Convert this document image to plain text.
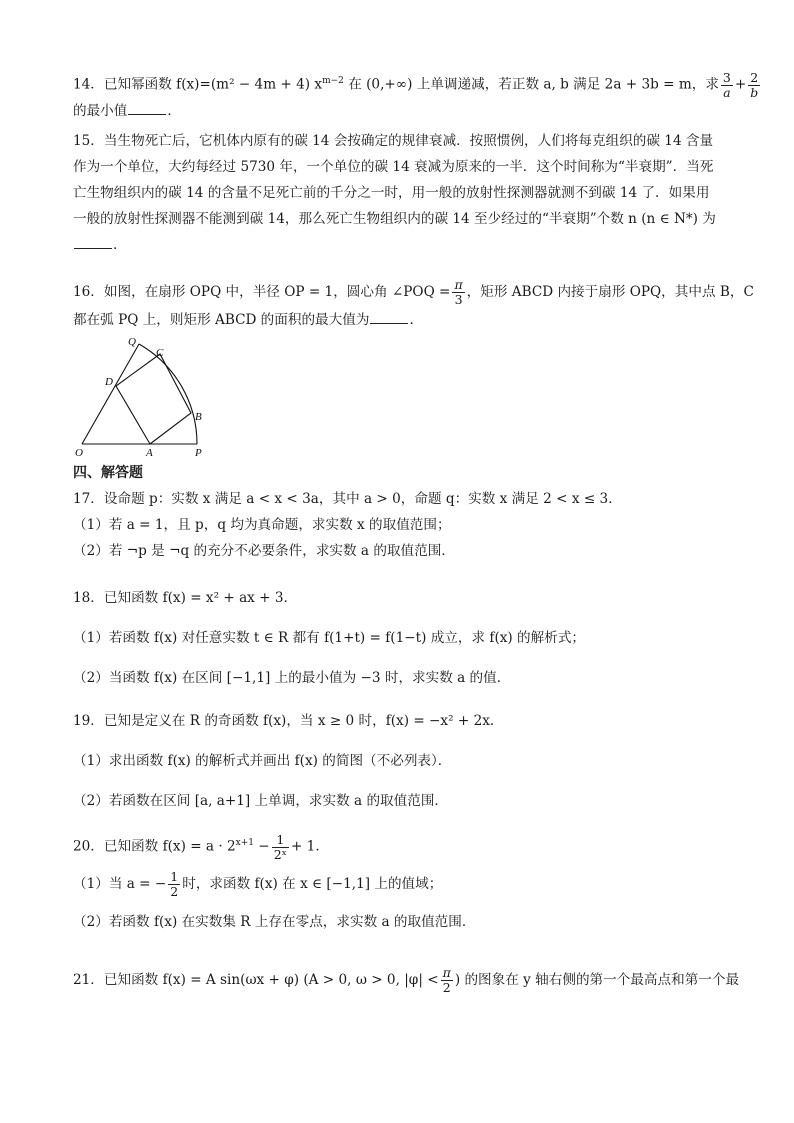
14．已知幂函数 f(x)=(m² − 4m + 4) $x^{m-2}$ 在 (0,+∞) 上单调递减，若正数 a, b 满足 2a + 3b = m，求 $\frac{3}{a} + \frac{2}{b}$
的最小值	．
15．当生物死亡后，它机体内原有的碳 14 会按确定的规律衰减．按照惯例，人们将每克组织的碳 14 含量
作为一个单位，大约每经过 5730 年，一个单位的碳 14 衰减为原来的一半．这个时间称为“半衰期”．当死
亡生物组织内的碳 14 的含量不足死亡前的千分之一时，用一般的放射性探测器就测不到碳 14 了．如果用
一般的放射性探测器不能测到碳 14，那么死亡生物组织内的碳 14 至少经过的“半衰期”个数 n (n ∈ N*) 为
．
16．如图，在扇形 OPQ 中，半径 OP = 1，圆心角 ∠POQ = $\frac{\pi}{3}$ ，矩形 ABCD 内接于扇形 OPQ，其中点 B，C
都在弧 PQ 上，则矩形 ABCD 的面积的最大值为	．
O	A	P
B
C
D
Q
四、解答题
17．设命题 p：实数 x 满足 a < x < 3a，其中 a > 0，命题 q：实数 x 满足 2 < x ≤ 3．
（1）若 a = 1，且 p，q 均为真命题，求实数 x 的取值范围；
（2）若 ¬p 是 ¬q 的充分不必要条件，求实数 a 的取值范围．
18．已知函数 f(x) = x² + ax + 3．
（1）若函数 f(x) 对任意实数 t ∈ R 都有 f(1+t) = f(1−t) 成立，求 f(x) 的解析式；
（2）当函数 f(x) 在区间 [−1,1] 上的最小值为 −3 时，求实数 a 的值．
19．已知是定义在 R 的奇函数 f(x)，当 x ≥ 0 时，f(x) = −x² + 2x．
（1）求出函数 f(x) 的解析式并画出 f(x) 的简图（不必列表）．
（2）若函数在区间 [a, a+1] 上单调，求实数 a 的取值范围．
20．已知函数 $f(x) = a \cdot 2^{x+1} - \frac{1}{\text{2ˣ}} + 1$．
（1）当 a = − $\frac{1}{2}$ 时，求函数 f(x) 在 x ∈ [−1,1] 上的值域；
（2）若函数 f(x) 在实数集 R 上存在零点，求实数 a 的取值范围．
21．已知函数 f(x) = A sin(ωx + φ) (A > 0, ω > 0, $|\varphi| < \frac{\pi}{2}$ ) 的图象在 y 轴右侧的第一个最高点和第一个最
